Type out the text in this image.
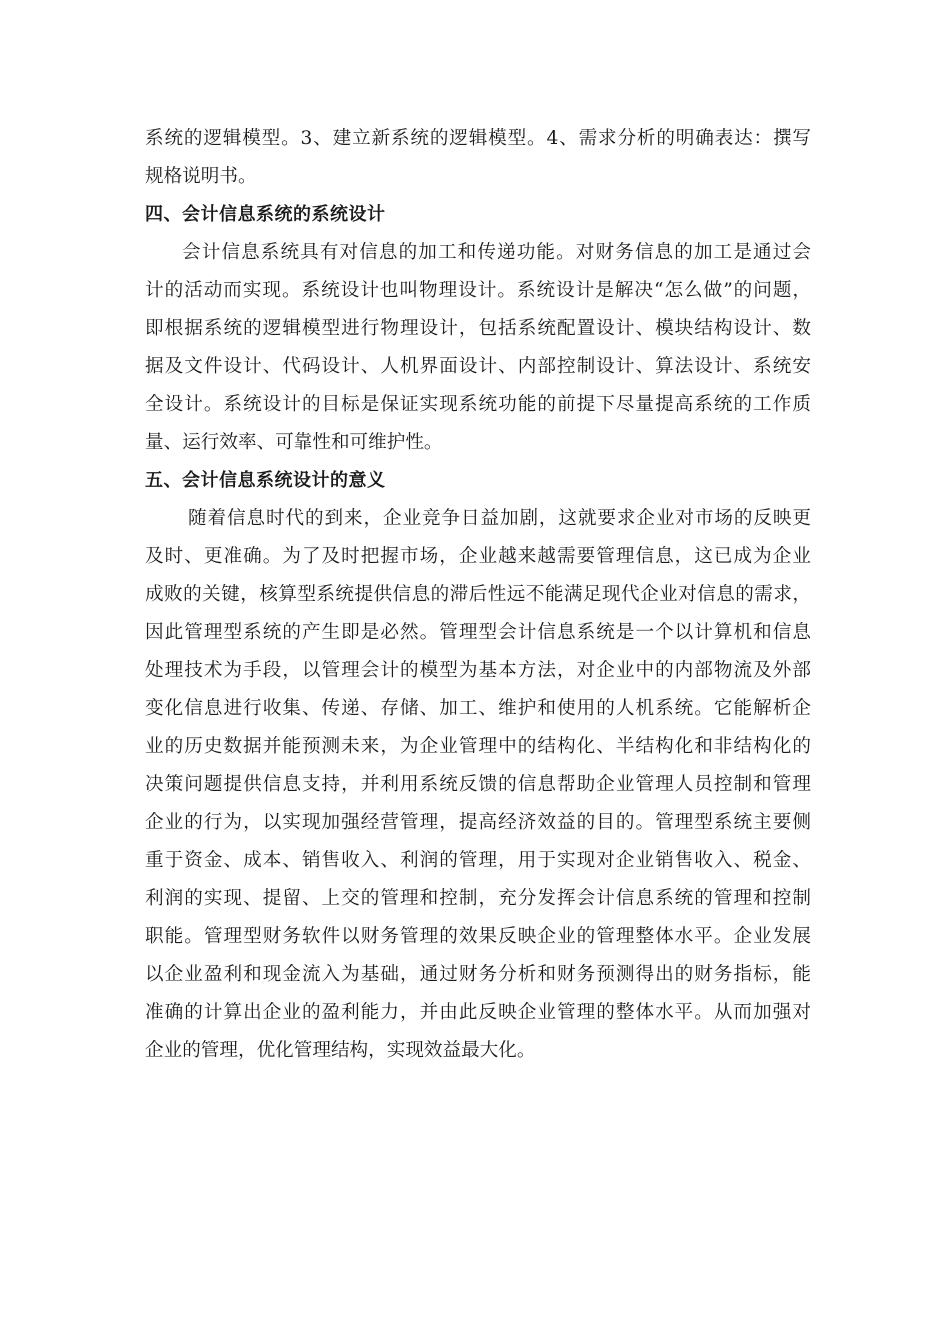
系统的逻辑模型。3、建立新系统的逻辑模型。4、需求分析的明确表达：撰写
规格说明书。
四、会计信息系统的系统设计
会计信息系统具有对信息的加工和传递功能。对财务信息的加工是通过会
计的活动而实现。系统设计也叫物理设计。系统设计是解决“怎么做”的问题，
即根据系统的逻辑模型进行物理设计，包括系统配置设计、模块结构设计、数
据及文件设计、代码设计、人机界面设计、内部控制设计、算法设计、系统安
全设计。系统设计的目标是保证实现系统功能的前提下尽量提高系统的工作质
量、运行效率、可靠性和可维护性。
五、会计信息系统设计的意义
随着信息时代的到来，企业竞争日益加剧，这就要求企业对市场的反映更
及时、更准确。为了及时把握市场，企业越来越需要管理信息，这已成为企业
成败的关键，核算型系统提供信息的滞后性远不能满足现代企业对信息的需求，
因此管理型系统的产生即是必然。管理型会计信息系统是一个以计算机和信息
处理技术为手段，以管理会计的模型为基本方法，对企业中的内部物流及外部
变化信息进行收集、传递、存储、加工、维护和使用的人机系统。它能解析企
业的历史数据并能预测未来，为企业管理中的结构化、半结构化和非结构化的
决策问题提供信息支持，并利用系统反馈的信息帮助企业管理人员控制和管理
企业的行为，以实现加强经营管理，提高经济效益的目的。管理型系统主要侧
重于资金、成本、销售收入、利润的管理，用于实现对企业销售收入、税金、
利润的实现、提留、上交的管理和控制，充分发挥会计信息系统的管理和控制
职能。管理型财务软件以财务管理的效果反映企业的管理整体水平。企业发展
以企业盈利和现金流入为基础，通过财务分析和财务预测得出的财务指标，能
准确的计算出企业的盈利能力，并由此反映企业管理的整体水平。从而加强对
企业的管理，优化管理结构，实现效益最大化。
